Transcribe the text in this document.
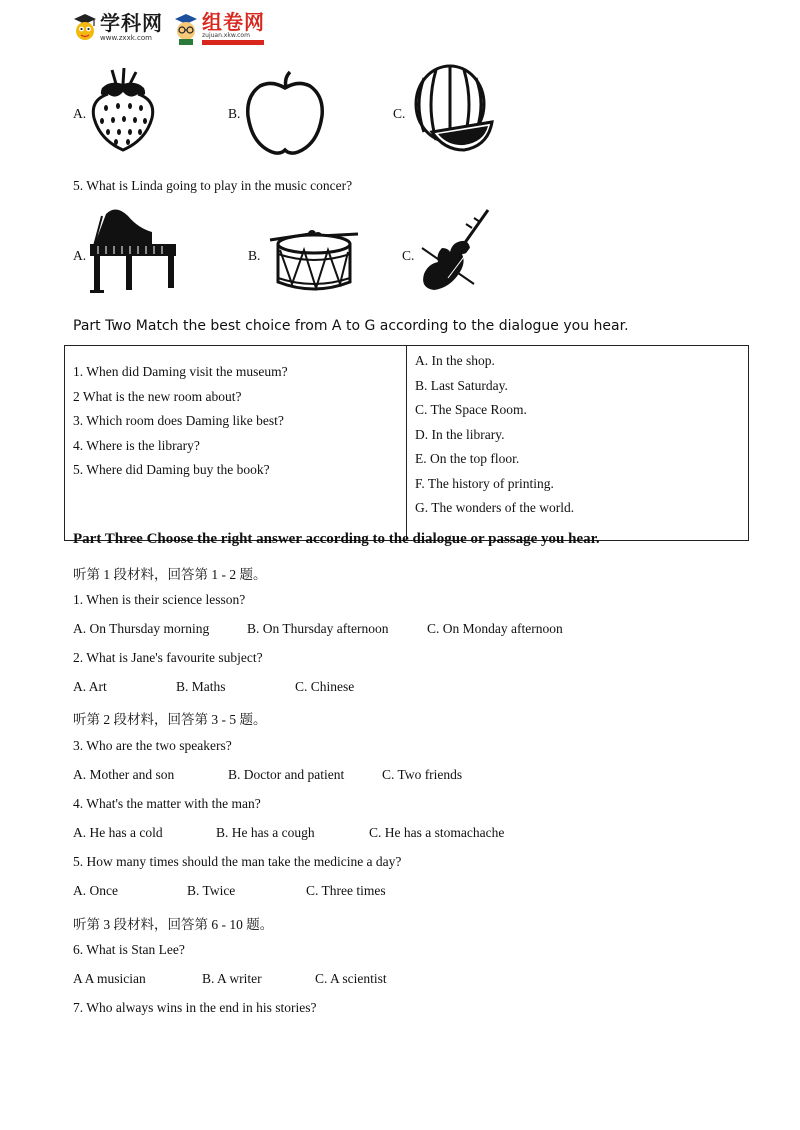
学科网
www.zxxk.com
组卷网
zujuan.xkw.com
A.	B.	C.
5. What is Linda going to play in the music concer?
A.	B.	C.
Part Two Match the best choice from A to G according to the dialogue you hear.
1. When did Daming visit the museum?
2 What is the new room about?
3. Which room does Daming like best?
4. Where is the library?
5. Where did Daming buy the book?

A. In the shop.
B. Last Saturday.
C. The Space Room.
D. In the library.
E. On the top floor.
F. The history of printing.
G. The wonders of the world.
Part Three Choose the right answer according to the dialogue or passage you hear.
听第 1 段材料，回答第 1 - 2 题。
1. When is their science lesson?
A. On Thursday morning	B. On Thursday afternoon	C. On Monday afternoon
2. What is Jane's favourite subject?
A. Art	B. Maths	C. Chinese
听第 2 段材料，回答第 3 - 5 题。
3. Who are the two speakers?
A. Mother and son	B. Doctor and patient	C. Two friends
4. What's the matter with the man?
A. He has a cold	B. He has a cough	C. He has a stomachache
5. How many times should the man take the medicine a day?
A. Once	B. Twice	C. Three times
听第 3 段材料，回答第 6 - 10 题。
6. What is Stan Lee?
A A musician	B. A writer	C. A scientist
7. Who always wins in the end in his stories?
